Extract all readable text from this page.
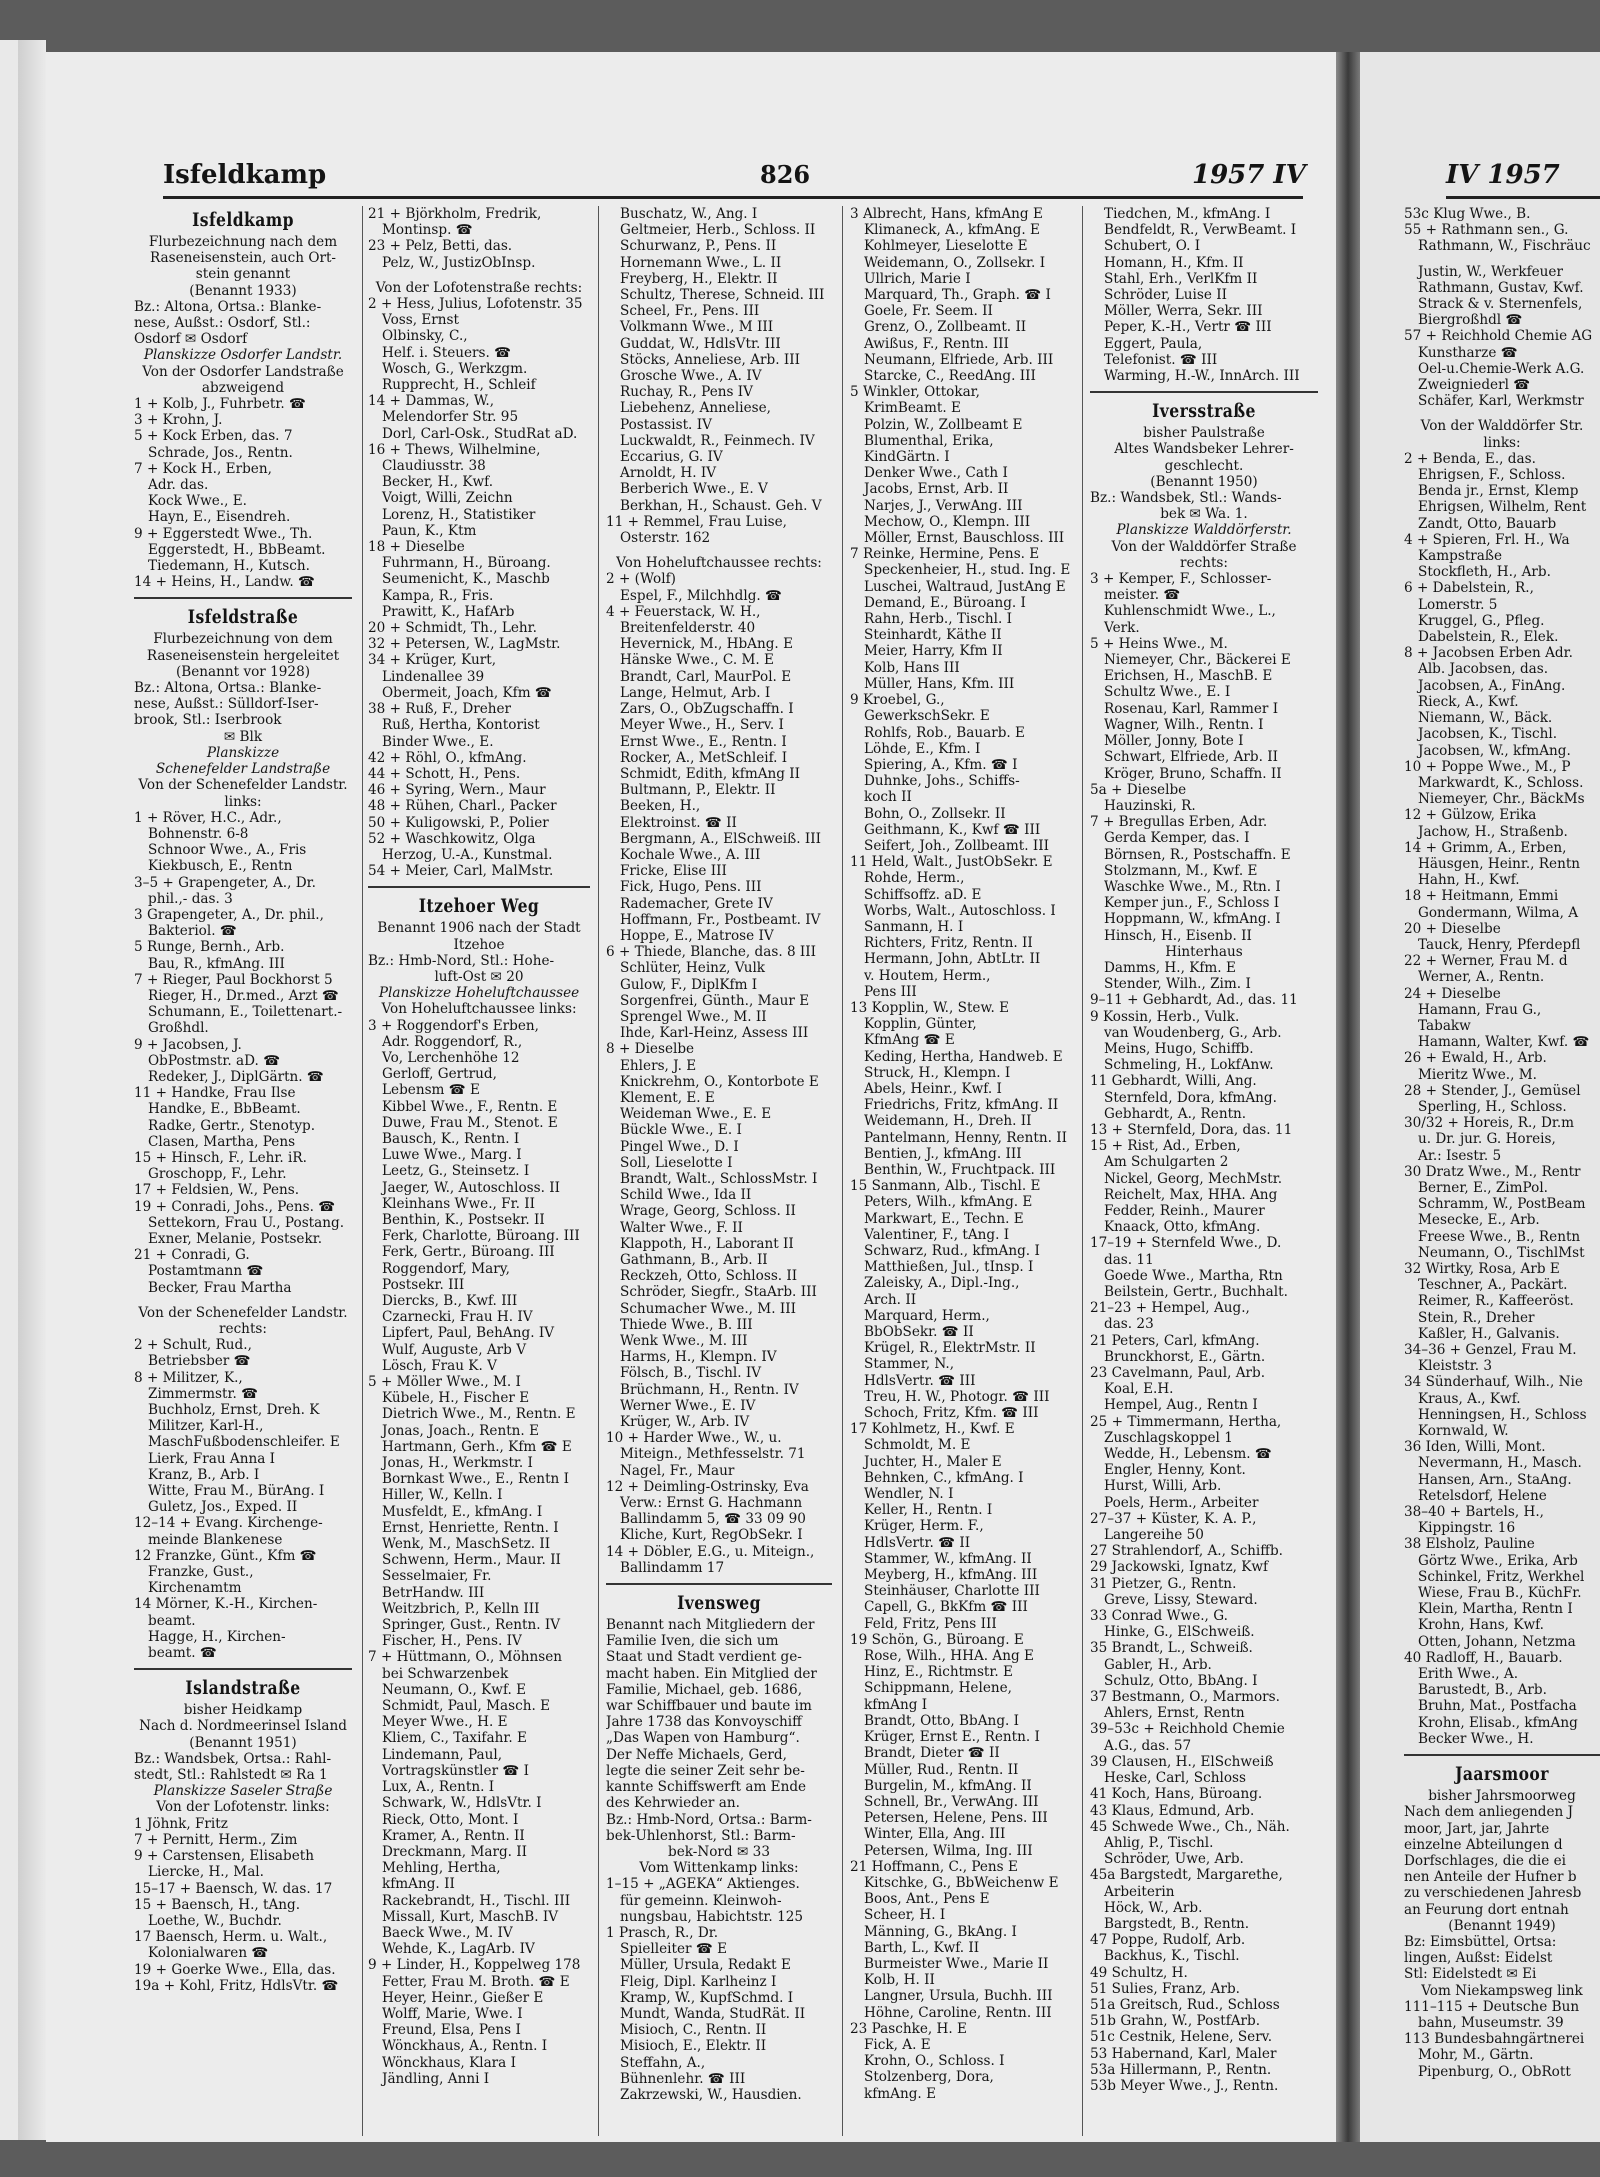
Isfeldkamp	826	1957 IV	IV 1957
Isfeldkamp
Flurbezeichnung nach dem
Raseneisenstein, auch Ort-
stein genannt
(Benannt 1933)
Bz.: Altona, Ortsa.: Blanke-
nese, Außst.: Osdorf, Stl.:
Osdorf ✉ Osdorf
Planskizze Osdorfer Landstr.
Von der Osdorfer Landstraße
abzweigend
1 + Kolb, J., Fuhrbetr. ☎
3 + Krohn, J.
5 + Kock Erben, das. 7
Schrade, Jos., Rentn.
7 + Kock H., Erben,
Adr. das.
Kock Wwe., E.
Hayn, E., Eisendreh.
9 + Eggerstedt Wwe., Th.
Eggerstedt, H., BbBeamt.
Tiedemann, H., Kutsch.
14 + Heins, H., Landw. ☎
Isfeldstraße
Flurbezeichnung von dem
Raseneisenstein hergeleitet
(Benannt vor 1928)
Bz.: Altona, Ortsa.: Blanke-
nese, Außst.: Sülldorf-Iser-
brook, Stl.: Iserbrook
✉ Blk
Planskizze
Schenefelder Landstraße
Von der Schenefelder Landstr.
links:
1 + Röver, H.C., Adr.,
Bohnenstr. 6-8
Schnoor Wwe., A., Fris
Kiekbusch, E., Rentn
3–5 + Grapengeter, A., Dr.
phil.,- das. 3
3 Grapengeter, A., Dr. phil.,
Bakteriol. ☎
5 Runge, Bernh., Arb.
Bau, R., kfmAng. III
7 + Rieger, Paul Bockhorst 5
Rieger, H., Dr.med., Arzt ☎
Schumann, E., Toilettenart.-
Großhdl.
9 + Jacobsen, J.
ObPostmstr. aD. ☎
Redeker, J., DiplGärtn. ☎
11 + Handke, Frau Ilse
Handke, E., BbBeamt.
Radke, Gertr., Stenotyp.
Clasen, Martha, Pens
15 + Hinsch, F., Lehr. iR.
Groschopp, F., Lehr.
17 + Feldsien, W., Pens.
19 + Conradi, Johs., Pens. ☎
Settekorn, Frau U., Postang.
Exner, Melanie, Postsekr.
21 + Conradi, G.
Postamtmann ☎
Becker, Frau Martha
Von der Schenefelder Landstr.
rechts:
2 + Schult, Rud.,
Betriebsber ☎
8 + Militzer, K.,
Zimmermstr. ☎
Buchholz, Ernst, Dreh. K
Militzer, Karl-H.,
MaschFußbodenschleifer. E
Lierk, Frau Anna I
Kranz, B., Arb. I
Witte, Frau M., BürAng. I
Guletz, Jos., Exped. II
12–14 + Evang. Kirchenge-
meinde Blankenese
12 Franzke, Günt., Kfm ☎
Franzke, Gust.,
Kirchenamtm
14 Mörner, K.-H., Kirchen-
beamt.
Hagge, H., Kirchen-
beamt. ☎
Islandstraße
bisher Heidkamp
Nach d. Nordmeerinsel Island
(Benannt 1951)
Bz.: Wandsbek, Ortsa.: Rahl-
stedt, Stl.: Rahlstedt ✉ Ra 1
Planskizze Saseler Straße
Von der Lofotenstr. links:
1 Jöhnk, Fritz
7 + Pernitt, Herm., Zim
9 + Carstensen, Elisabeth
Liercke, H., Mal.
15–17 + Baensch, W. das. 17
15 + Baensch, H., tAng.
Loethe, W., Buchdr.
17 Baensch, Herm. u. Walt.,
Kolonialwaren ☎
19 + Goerke Wwe., Ella, das.
19a + Kohl, Fritz, HdlsVtr. ☎
21 + Björkholm, Fredrik,
Montinsp. ☎
23 + Pelz, Betti, das.
Pelz, W., JustizObInsp.
Von der Lofotenstraße rechts:
2 + Hess, Julius, Lofotenstr. 35
Voss, Ernst
Olbinsky, C.,
Helf. i. Steuers. ☎
Wosch, G., Werkzgm.
Rupprecht, H., Schleif
14 + Dammas, W.,
Melendorfer Str. 95
Dorl, Carl-Osk., StudRat aD.
16 + Thews, Wilhelmine,
Claudiusstr. 38
Becker, H., Kwf.
Voigt, Willi, Zeichn
Lorenz, H., Statistiker
Paun, K., Ktm
18 + Dieselbe
Fuhrmann, H., Büroang.
Seumenicht, K., Maschb
Kampa, R., Fris.
Prawitt, K., HafArb
20 + Schmidt, Th., Lehr.
32 + Petersen, W., LagMstr.
34 + Krüger, Kurt,
Lindenallee 39
Obermeit, Joach, Kfm ☎
38 + Ruß, F., Dreher
Ruß, Hertha, Kontorist
Binder Wwe., E.
42 + Röhl, O., kfmAng.
44 + Schott, H., Pens.
46 + Syring, Wern., Maur
48 + Rühen, Charl., Packer
50 + Kuligowski, P., Polier
52 + Waschkowitz, Olga
Herzog, U.-A., Kunstmal.
54 + Meier, Carl, MalMstr.
Itzehoer Weg
Benannt 1906 nach der Stadt
Itzehoe
Bz.: Hmb-Nord, Stl.: Hohe-
luft-Ost ✉ 20
Planskizze Hoheluftchaussee
Von Hoheluftchaussee links:
3 + Roggendorf's Erben,
Adr. Roggendorf, R.,
Vo, Lerchenhöhe 12
Gerloff, Gertrud,
Lebensm ☎ E
Kibbel Wwe., F., Rentn. E
Duwe, Frau M., Stenot. E
Bausch, K., Rentn. I
Luwe Wwe., Marg. I
Leetz, G., Steinsetz. I
Jaeger, W., Autoschloss. II
Kleinhans Wwe., Fr. II
Benthin, K., Postsekr. II
Ferk, Charlotte, Büroang. III
Ferk, Gertr., Büroang. III
Roggendorf, Mary,
Postsekr. III
Diercks, B., Kwf. III
Czarnecki, Frau H. IV
Lipfert, Paul, BehAng. IV
Wulf, Auguste, Arb V
Lösch, Frau K. V
5 + Möller Wwe., M. I
Kübele, H., Fischer E
Dietrich Wwe., M., Rentn. E
Jonas, Joach., Rentn. E
Hartmann, Gerh., Kfm ☎ E
Jonas, H., Werkmstr. I
Bornkast Wwe., E., Rentn I
Hiller, W., Kelln. I
Musfeldt, E., kfmAng. I
Ernst, Henriette, Rentn. I
Wenk, M., MaschSetz. II
Schwenn, Herm., Maur. II
Sesselmaier, Fr.
BetrHandw. III
Weitzbrich, P., Kelln III
Springer, Gust., Rentn. IV
Fischer, H., Pens. IV
7 + Hüttmann, O., Möhnsen
bei Schwarzenbek
Neumann, O., Kwf. E
Schmidt, Paul, Masch. E
Meyer Wwe., H. E
Kliem, C., Taxifahr. E
Lindemann, Paul,
Vortragskünstler ☎ I
Lux, A., Rentn. I
Schwark, W., HdlsVtr. I
Rieck, Otto, Mont. I
Kramer, A., Rentn. II
Dreckmann, Marg. II
Mehling, Hertha,
kfmAng. II
Rackebrandt, H., Tischl. III
Missall, Kurt, MaschB. IV
Baeck Wwe., M. IV
Wehde, K., LagArb. IV
9 + Linder, H., Koppelweg 178
Fetter, Frau M. Broth. ☎ E
Heyer, Heinr., Gießer E
Wolff, Marie, Wwe. I
Freund, Elsa, Pens I
Wönckhaus, A., Rentn. I
Wönckhaus, Klara I
Jändling, Anni I
Buschatz, W., Ang. I
Geltmeier, Herb., Schloss. II
Schurwanz, P., Pens. II
Hornemann Wwe., L. II
Freyberg, H., Elektr. II
Schultz, Therese, Schneid. III
Scheel, Fr., Pens. III
Volkmann Wwe., M III
Guddat, W., HdlsVtr. III
Stöcks, Anneliese, Arb. III
Grosche Wwe., A. IV
Ruchay, R., Pens IV
Liebehenz, Anneliese,
Postassist. IV
Luckwaldt, R., Feinmech. IV
Eccarius, G. IV
Arnoldt, H. IV
Berberich Wwe., E. V
Berkhan, H., Schaust. Geh. V
11 + Remmel, Frau Luise,
Osterstr. 162
Von Hoheluftchaussee rechts:
2 + (Wolf)
Espel, F., Milchhdlg. ☎
4 + Feuerstack, W. H.,
Breitenfelderstr. 40
Hevernick, M., HbAng. E
Hänske Wwe., C. M. E
Brandt, Carl, MaurPol. E
Lange, Helmut, Arb. I
Zars, O., ObZugschaffn. I
Meyer Wwe., H., Serv. I
Ernst Wwe., E., Rentn. I
Rocker, A., MetSchleif. I
Schmidt, Edith, kfmAng II
Bultmann, P., Elektr. II
Beeken, H.,
Elektroinst. ☎ II
Bergmann, A., ElSchweiß. III
Kochale Wwe., A. III
Fricke, Elise III
Fick, Hugo, Pens. III
Rademacher, Grete IV
Hoffmann, Fr., Postbeamt. IV
Hoppe, E., Matrose IV
6 + Thiede, Blanche, das. 8 III
Schlüter, Heinz, Vulk
Gulow, F., DiplKfm I
Sorgenfrei, Günth., Maur E
Sprengel Wwe., M. II
Ihde, Karl-Heinz, Assess III
8 + Dieselbe
Ehlers, J. E
Knickrehm, O., Kontorbote E
Klement, E. E
Weideman Wwe., E. E
Bückle Wwe., E. I
Pingel Wwe., D. I
Soll, Lieselotte I
Brandt, Walt., SchlossMstr. I
Schild Wwe., Ida II
Wrage, Georg, Schloss. II
Walter Wwe., F. II
Klappoth, H., Laborant II
Gathmann, B., Arb. II
Reckzeh, Otto, Schloss. II
Schröder, Siegfr., StaArb. III
Schumacher Wwe., M. III
Thiede Wwe., B. III
Wenk Wwe., M. III
Harms, H., Klempn. IV
Fölsch, B., Tischl. IV
Brüchmann, H., Rentn. IV
Werner Wwe., E. IV
Krüger, W., Arb. IV
10 + Harder Wwe., W., u.
Miteign., Methfesselstr. 71
Nagel, Fr., Maur
12 + Deimling-Ostrinsky, Eva
Verw.: Ernst G. Hachmann
Ballindamm 5, ☎ 33 09 90
Kliche, Kurt, RegObSekr. I
14 + Döbler, E.G., u. Miteign.,
Ballindamm 17
Ivensweg
Benannt nach Mitgliedern der
Familie Iven, die sich um
Staat und Stadt verdient ge-
macht haben. Ein Mitglied der
Familie, Michael, geb. 1686,
war Schiffbauer und baute im
Jahre 1738 das Konvoyschiff
„Das Wapen von Hamburg“.
Der Neffe Michaels, Gerd,
legte die seiner Zeit sehr be-
kannte Schiffswerft am Ende
des Kehrwieder an.
Bz.: Hmb-Nord, Ortsa.: Barm-
bek-Uhlenhorst, Stl.: Barm-
bek-Nord ✉ 33
Vom Wittenkamp links:
1–15 + „AGEKA“ Aktienges.
für gemeinn. Kleinwoh-
nungsbau, Habichtstr. 125
1 Prasch, R., Dr.
Spielleiter ☎ E
Müller, Ursula, Redakt E
Fleig, Dipl. Karlheinz I
Kramp, W., KupfSchmd. I
Mundt, Wanda, StudRät. II
Misioch, C., Rentn. II
Misioch, E., Elektr. II
Steffahn, A.,
Bühnenlehr. ☎ III
Zakrzewski, W., Hausdien.
3 Albrecht, Hans, kfmAng E
Klimaneck, A., kfmAng. E
Kohlmeyer, Lieselotte E
Weidemann, O., Zollsekr. I
Ullrich, Marie I
Marquard, Th., Graph. ☎ I
Goele, Fr. Seem. II
Grenz, O., Zollbeamt. II
Awißus, F., Rentn. III
Neumann, Elfriede, Arb. III
Starcke, C., ReedAng. III
5 Winkler, Ottokar,
KrimBeamt. E
Polzin, W., Zollbeamt E
Blumenthal, Erika,
KindGärtn. I
Denker Wwe., Cath I
Jacobs, Ernst, Arb. II
Narjes, J., VerwAng. III
Mechow, O., Klempn. III
Möller, Ernst, Bauschloss. III
7 Reinke, Hermine, Pens. E
Speckenheier, H., stud. Ing. E
Luschei, Waltraud, JustAng E
Demand, E., Büroang. I
Rahn, Herb., Tischl. I
Steinhardt, Käthe II
Meier, Harry, Kfm II
Kolb, Hans III
Müller, Hans, Kfm. III
9 Kroebel, G.,
GewerkschSekr. E
Rohlfs, Rob., Bauarb. E
Löhde, E., Kfm. I
Spiering, A., Kfm. ☎ I
Duhnke, Johs., Schiffs-
koch II
Bohn, O., Zollsekr. II
Geithmann, K., Kwf ☎ III
Seifert, Joh., Zollbeamt. III
11 Held, Walt., JustObSekr. E
Rohde, Herm.,
Schiffsoffz. aD. E
Worbs, Walt., Autoschloss. I
Sanmann, H. I
Richters, Fritz, Rentn. II
Hermann, John, AbtLtr. II
v. Houtem, Herm.,
Pens III
13 Kopplin, W., Stew. E
Kopplin, Günter,
KfmAng ☎ E
Keding, Hertha, Handweb. E
Struck, H., Klempn. I
Abels, Heinr., Kwf. I
Friedrichs, Fritz, kfmAng. II
Weidemann, H., Dreh. II
Pantelmann, Henny, Rentn. II
Bentien, J., kfmAng. III
Benthin, W., Fruchtpack. III
15 Sanmann, Alb., Tischl. E
Peters, Wilh., kfmAng. E
Markwart, E., Techn. E
Valentiner, F., tAng. I
Schwarz, Rud., kfmAng. I
Matthießen, Jul., tInsp. I
Zaleisky, A., Dipl.-Ing.,
Arch. II
Marquard, Herm.,
BbObSekr. ☎ II
Krügel, R., ElektrMstr. II
Stammer, N.,
HdlsVertr. ☎ III
Treu, H. W., Photogr. ☎ III
Schoch, Fritz, Kfm. ☎ III
17 Kohlmetz, H., Kwf. E
Schmoldt, M. E
Juchter, H., Maler E
Behnken, C., kfmAng. I
Wendler, N. I
Keller, H., Rentn. I
Krüger, Herm. F.,
HdlsVertr. ☎ II
Stammer, W., kfmAng. II
Meyberg, H., kfmAng. III
Steinhäuser, Charlotte III
Capell, G., BkKfm ☎ III
Feld, Fritz, Pens III
19 Schön, G., Büroang. E
Rose, Wilh., HHA. Ang E
Hinz, E., Richtmstr. E
Schippmann, Helene,
kfmAng I
Brandt, Otto, BbAng. I
Krüger, Ernst E., Rentn. I
Brandt, Dieter ☎ II
Müller, Rud., Rentn. II
Burgelin, M., kfmAng. II
Schnell, Br., VerwAng. III
Petersen, Helene, Pens. III
Winter, Ella, Ang. III
Petersen, Wilma, Ing. III
21 Hoffmann, C., Pens E
Kitschke, G., BbWeichenw E
Boos, Ant., Pens E
Scheer, H. I
Männing, G., BkAng. I
Barth, L., Kwf. II
Burmeister Wwe., Marie II
Kolb, H. II
Langner, Ursula, Buchh. III
Höhne, Caroline, Rentn. III
23 Paschke, H. E
Fick, A. E
Krohn, O., Schloss. I
Stolzenberg, Dora,
kfmAng. E
Tiedchen, M., kfmAng. I
Bendfeldt, R., VerwBeamt. I
Schubert, O. I
Homann, H., Kfm. II
Stahl, Erh., VerlKfm II
Schröder, Luise II
Möller, Werra, Sekr. III
Peper, K.-H., Vertr ☎ III
Eggert, Paula,
Telefonist. ☎ III
Warming, H.-W., InnArch. III
Iversstraße
bisher Paulstraße
Altes Wandsbeker Lehrer-
geschlecht.
(Benannt 1950)
Bz.: Wandsbek, Stl.: Wands-
bek ✉ Wa. 1.
Planskizze Walddörferstr.
Von der Walddörfer Straße
rechts:
3 + Kemper, F., Schlosser-
meister. ☎
Kuhlenschmidt Wwe., L.,
Verk.
5 + Heins Wwe., M.
Niemeyer, Chr., Bäckerei E
Erichsen, H., MaschB. E
Schultz Wwe., E. I
Rosenau, Karl, Rammer I
Wagner, Wilh., Rentn. I
Möller, Jonny, Bote I
Schwart, Elfriede, Arb. II
Kröger, Bruno, Schaffn. II
5a + Dieselbe
Hauzinski, R.
7 + Bregullas Erben, Adr.
Gerda Kemper, das. I
Börnsen, R., Postschaffn. E
Stolzmann, M., Kwf. E
Waschke Wwe., M., Rtn. I
Kemper jun., F., Schloss I
Hoppmann, W., kfmAng. I
Hinsch, H., Eisenb. II
Hinterhaus
Damms, H., Kfm. E
Stender, Wilh., Zim. I
9–11 + Gebhardt, Ad., das. 11
9 Kossin, Herb., Vulk.
van Woudenberg, G., Arb.
Meins, Hugo, Schiffb.
Schmeling, H., LokfAnw.
11 Gebhardt, Willi, Ang.
Sternfeld, Dora, kfmAng.
Gebhardt, A., Rentn.
13 + Sternfeld, Dora, das. 11
15 + Rist, Ad., Erben,
Am Schulgarten 2
Nickel, Georg, MechMstr.
Reichelt, Max, HHA. Ang
Fedder, Reinh., Maurer
Knaack, Otto, kfmAng.
17–19 + Sternfeld Wwe., D.
das. 11
Goede Wwe., Martha, Rtn
Beilstein, Gertr., Buchhalt.
21–23 + Hempel, Aug.,
das. 23
21 Peters, Carl, kfmAng.
Brunckhorst, E., Gärtn.
23 Cavelmann, Paul, Arb.
Koal, E.H.
Hempel, Aug., Rentn I
25 + Timmermann, Hertha,
Zuschlagskoppel 1
Wedde, H., Lebensm. ☎
Engler, Henny, Kont.
Hurst, Willi, Arb.
Poels, Herm., Arbeiter
27–37 + Küster, K. A. P.,
Langereihe 50
27 Strahlendorf, A., Schiffb.
29 Jackowski, Ignatz, Kwf
31 Pietzer, G., Rentn.
Greve, Lissy, Steward.
33 Conrad Wwe., G.
Hinke, G., ElSchweiß.
35 Brandt, L., Schweiß.
Gabler, H., Arb.
Schulz, Otto, BbAng. I
37 Bestmann, O., Marmors.
Ahlers, Ernst, Rentn
39–53c + Reichhold Chemie
A.G., das. 57
39 Clausen, H., ElSchweiß
Heske, Carl, Schloss
41 Koch, Hans, Büroang.
43 Klaus, Edmund, Arb.
45 Schwede Wwe., Ch., Näh.
Ahlig, P., Tischl.
Schröder, Uwe, Arb.
45a Bargstedt, Margarethe,
Arbeiterin
Höck, W., Arb.
Bargstedt, B., Rentn.
47 Poppe, Rudolf, Arb.
Backhus, K., Tischl.
49 Schultz, H.
51 Sulies, Franz, Arb.
51a Greitsch, Rud., Schloss
51b Grahn, W., PostfArb.
51c Cestnik, Helene, Serv.
53 Habernand, Karl, Maler
53a Hillermann, P., Rentn.
53b Meyer Wwe., J., Rentn.
53c Klug Wwe., B.
55 + Rathmann sen., G.
Rathmann, W., Fischräuc
Justin, W., Werkfeuer
Rathmann, Gustav, Kwf.
Strack & v. Sternenfels,
Biergroßhdl ☎
57 + Reichhold Chemie AG
Kunstharze ☎
Oel-u.Chemie-Werk A.G.
Zweigniederl ☎
Schäfer, Karl, Werkmstr
Von der Walddörfer Str.
links:
2 + Benda, E., das.
Ehrigsen, F., Schloss.
Benda jr., Ernst, Klemp
Ehrigsen, Wilhelm, Rent
Zandt, Otto, Bauarb
4 + Spieren, Frl. H., Wa
Kampstraße
Stockfleth, H., Arb.
6 + Dabelstein, R.,
Lomerstr. 5
Kruggel, G., Pfleg.
Dabelstein, R., Elek.
8 + Jacobsen Erben Adr.
Alb. Jacobsen, das.
Jacobsen, A., FinAng.
Rieck, A., Kwf.
Niemann, W., Bäck.
Jacobsen, K., Tischl.
Jacobsen, W., kfmAng.
10 + Poppe Wwe., M., P
Markwardt, K., Schloss.
Niemeyer, Chr., BäckMs
12 + Gülzow, Erika
Jachow, H., Straßenb.
14 + Grimm, A., Erben,
Häusgen, Heinr., Rentn
Hahn, H., Kwf.
18 + Heitmann, Emmi
Gondermann, Wilma, A
20 + Dieselbe
Tauck, Henry, Pferdepfl
22 + Werner, Frau M. d
Werner, A., Rentn.
24 + Dieselbe
Hamann, Frau G.,
Tabakw
Hamann, Walter, Kwf. ☎
26 + Ewald, H., Arb.
Mieritz Wwe., M.
28 + Stender, J., Gemüsel
Sperling, H., Schloss.
30/32 + Horeis, R., Dr.m
u. Dr. jur. G. Horeis,
Ar.: Isestr. 5
30 Dratz Wwe., M., Rentr
Berner, E., ZimPol.
Schramm, W., PostBeam
Mesecke, E., Arb.
Freese Wwe., B., Rentn
Neumann, O., TischlMst
32 Wirtky, Rosa, Arb E
Teschner, A., Packärt.
Reimer, R., Kaffeeröst.
Stein, R., Dreher
Kaßler, H., Galvanis.
34–36 + Genzel, Frau M.
Kleiststr. 3
34 Sünderhauf, Wilh., Nie
Kraus, A., Kwf.
Henningsen, H., Schloss
Kornwald, W.
36 Iden, Willi, Mont.
Nevermann, H., Masch.
Hansen, Arn., StaAng.
Retelsdorf, Helene
38–40 + Bartels, H.,
Kippingstr. 16
38 Elsholz, Pauline
Görtz Wwe., Erika, Arb
Schinkel, Fritz, Werkhel
Wiese, Frau B., KüchFr.
Klein, Martha, Rentn I
Krohn, Hans, Kwf.
Otten, Johann, Netzma
40 Radloff, H., Bauarb.
Erith Wwe., A.
Barustedt, B., Arb.
Bruhn, Mat., Postfacha
Krohn, Elisab., kfmAng
Becker Wwe., H.
Jaarsmoor
bisher Jahrsmoorweg
Nach dem anliegenden J
moor, Jart, jar, Jahrte
einzelne Abteilungen d
Dorfschlages, die die ei
nen Anteile der Hufner b
zu verschiedenen Jahresb
an Feurung dort entnah
(Benannt 1949)
Bz: Eimsbüttel, Ortsa:
lingen, Außst: Eidelst
Stl: Eidelstedt ✉ Ei
Vom Niekampsweg link
111–115 + Deutsche Bun
bahn, Museumstr. 39
113 Bundesbahngärtnerei
Mohr, M., Gärtn.
Pipenburg, O., ObRott
